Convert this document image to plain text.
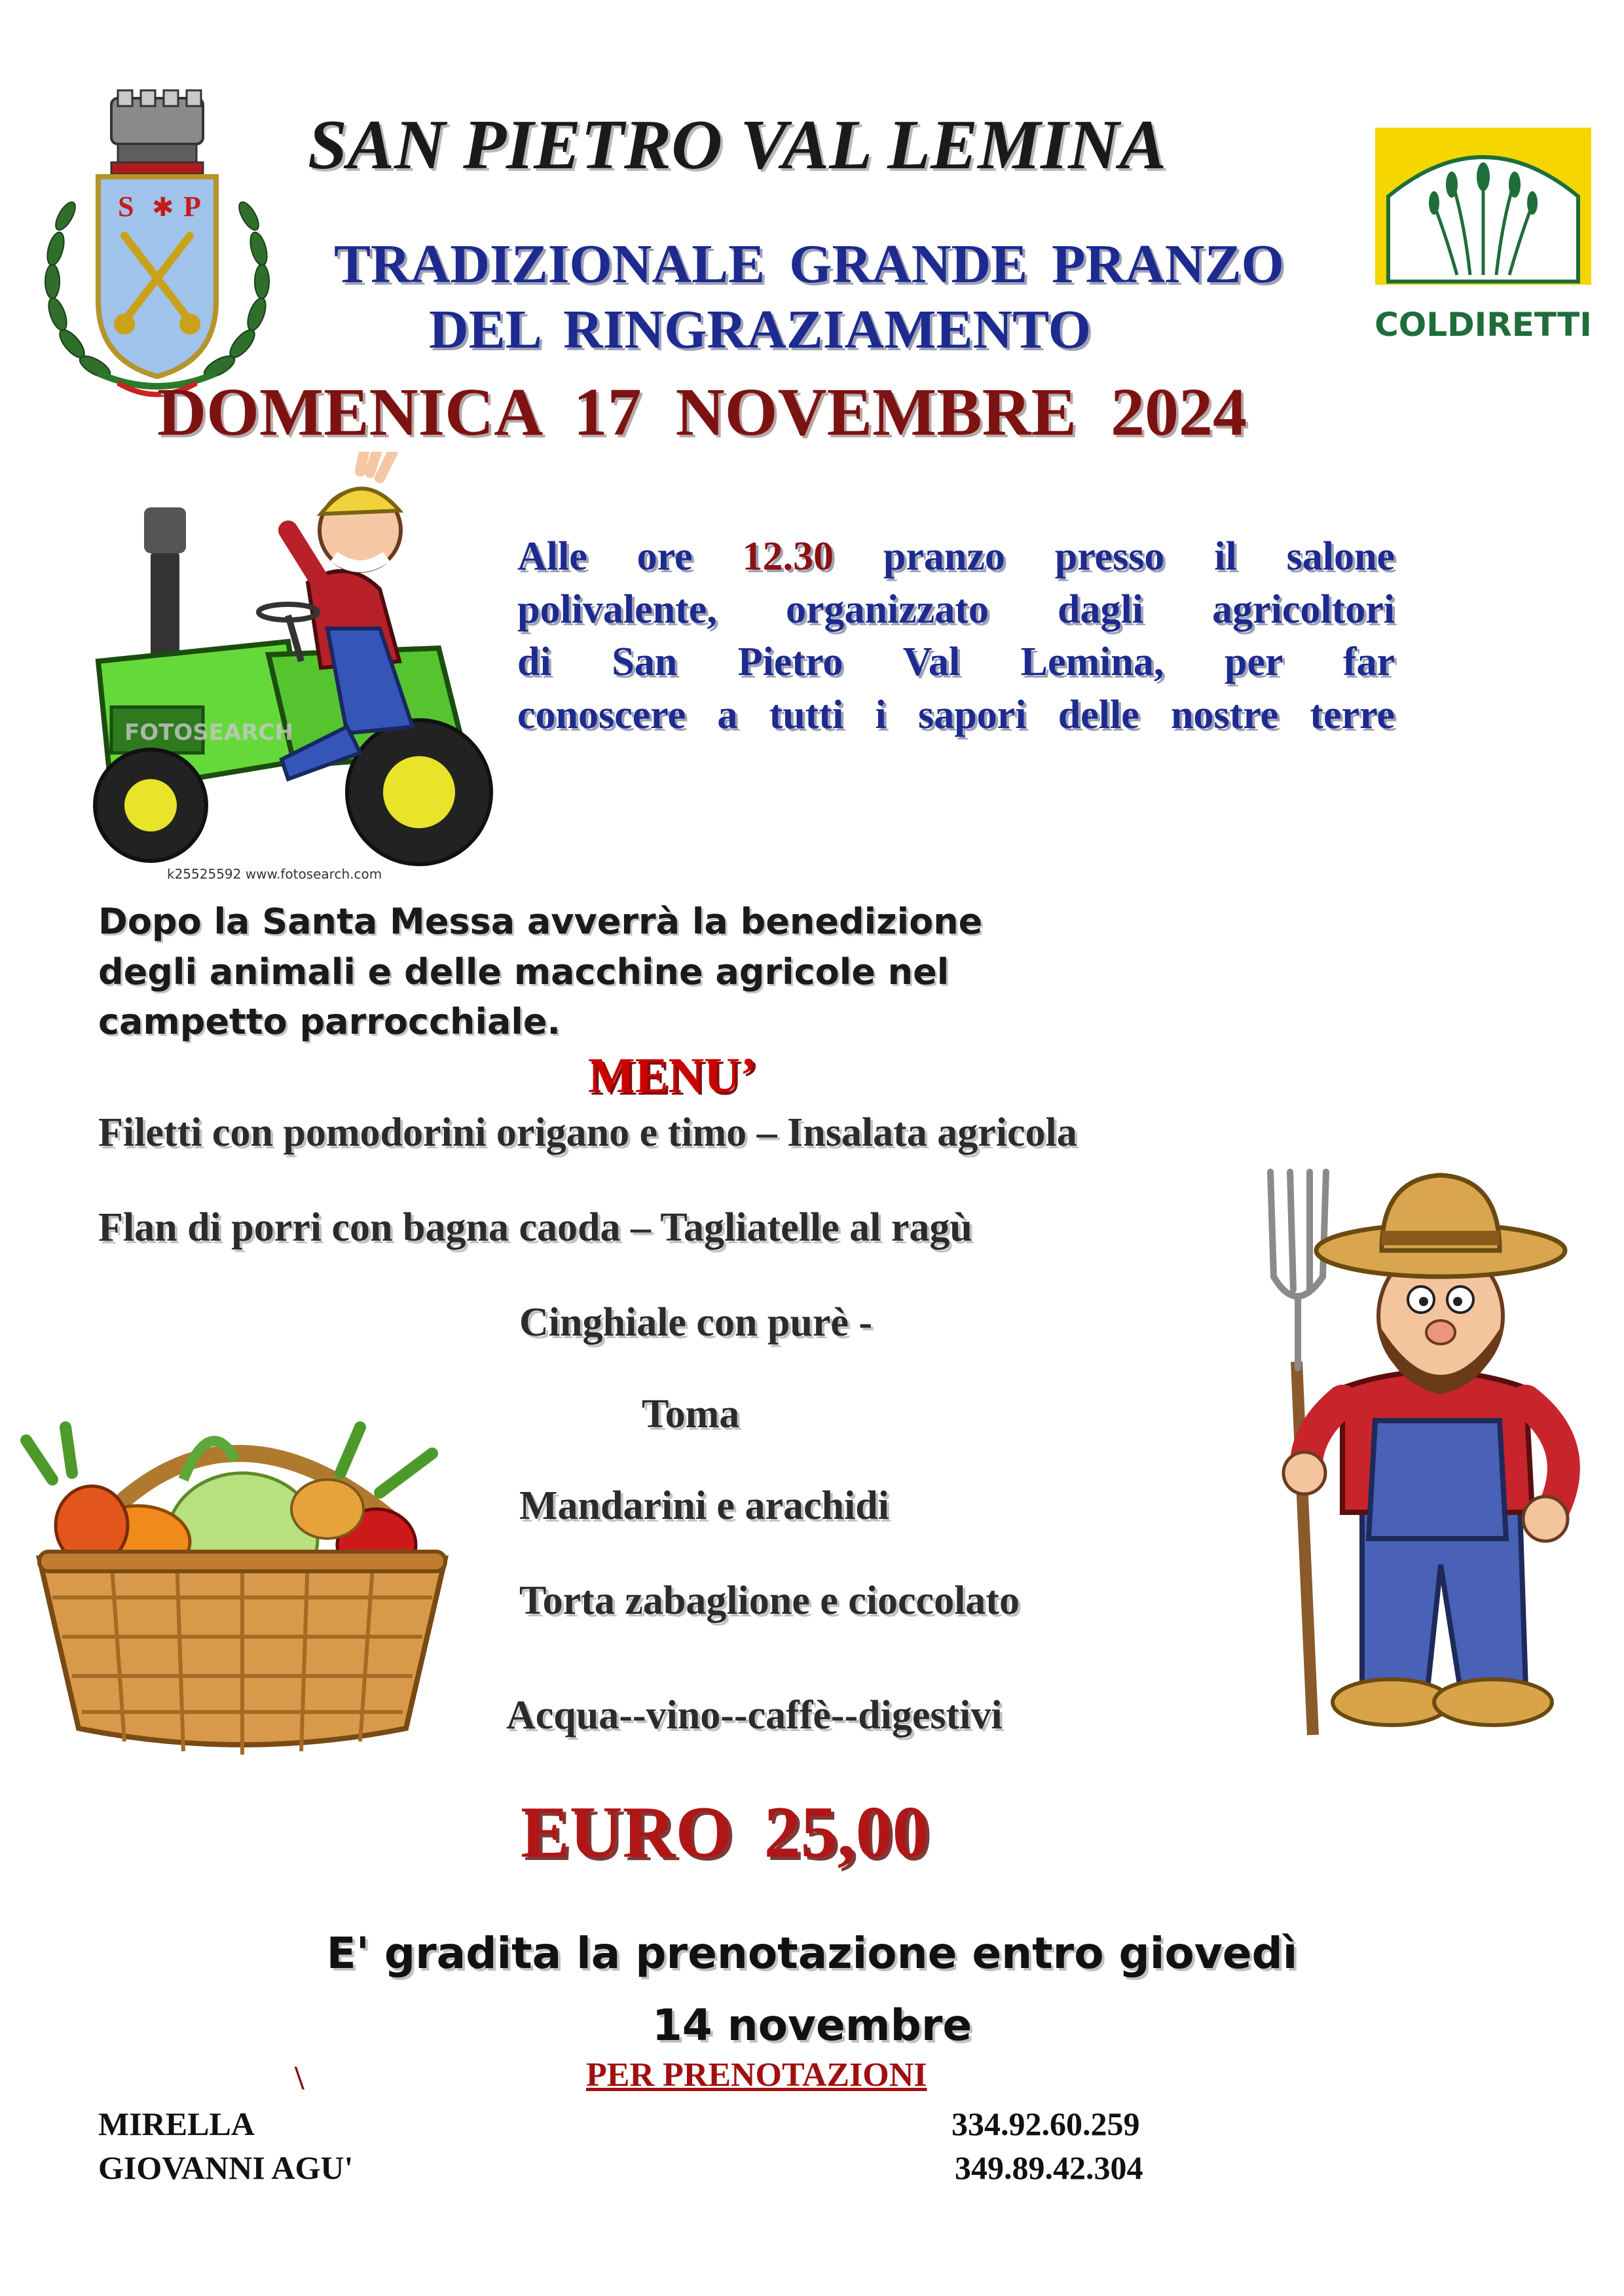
S ✱ P
COLDIRETTI
SAN PIETRO VAL LEMINA
TRADIZIONALE GRANDE PRANZO
DEL RINGRAZIAMENTO
DOMENICA 17 NOVEMBRE 2024
FOTOSEARCH
k25525592 www.fotosearch.com
Alle ore 12.30 pranzo presso il salone
polivalente, organizzato dagli agricoltori
di San Pietro Val Lemina, per far
conoscere a tutti i sapori delle nostre terre
Dopo la Santa Messa avverrà la benedizione
degli animali e delle macchine agricole nel
campetto parrocchiale.
MENU’
Filetti con pomodorini origano e timo – Insalata agricola
Flan di porri con bagna caoda – Tagliatelle al ragù
Cinghiale con purè -
Toma
Mandarini e arachidi
Torta zabaglione e cioccolato
Acqua--vino--caffè--digestivi
EURO 25,00
E' gradita la prenotazione entro giovedì
14 novembre
\	PER PRENOTAZIONI
MIRELLA	334.92.60.259
GIOVANNI AGU'	349.89.42.304
